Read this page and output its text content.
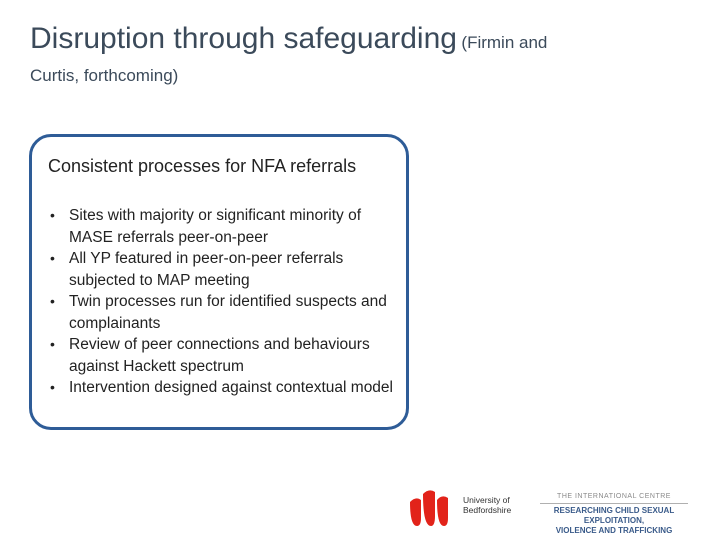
Disruption through safeguarding (Firmin and
Curtis, forthcoming)
Consistent processes for NFA referrals
• Sites with majority or significant minority of MASE referrals peer-on-peer
• All YP featured in peer-on-peer referrals subjected to MAP meeting
• Twin processes run for identified suspects and complainants
• Review of peer connections and behaviours against Hackett spectrum
• Intervention designed against contextual model
University of
Bedfordshire
THE INTERNATIONAL CENTRE
RESEARCHING CHILD SEXUAL EXPLOITATION,
VIOLENCE AND TRAFFICKING
